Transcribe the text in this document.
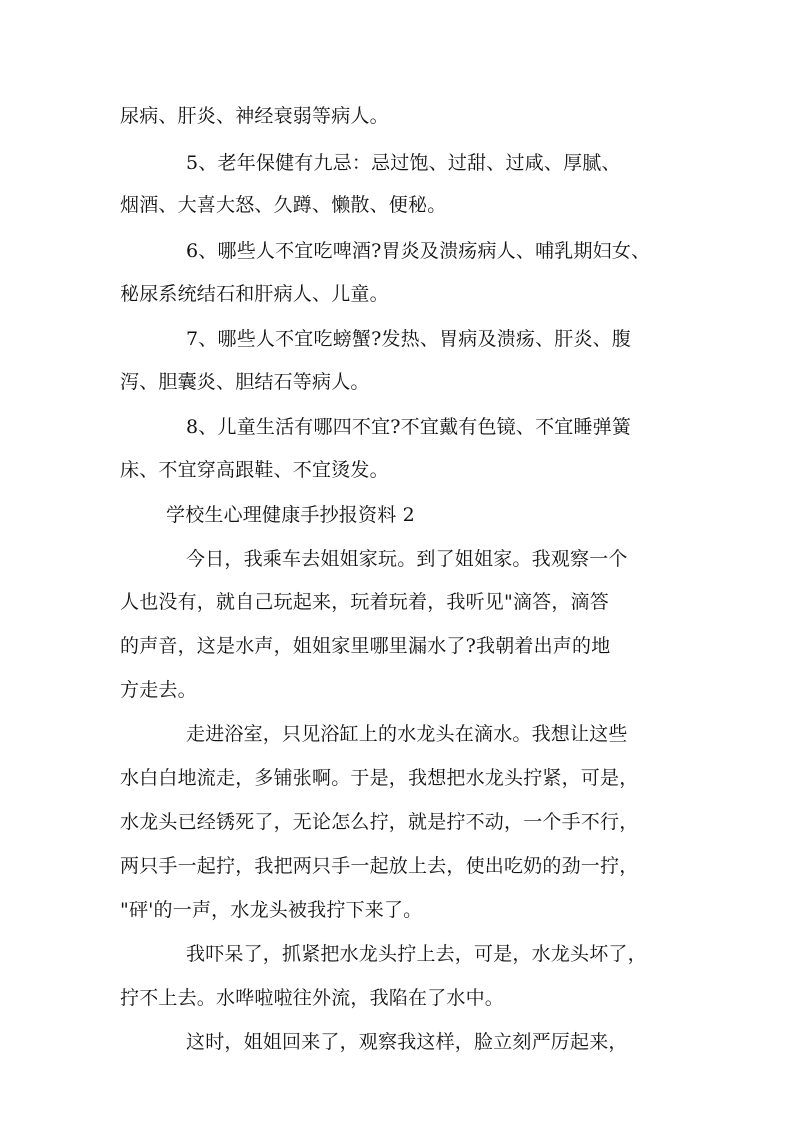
尿病、肝炎、神经衰弱等病人。
5、老年保健有九忌：忌过饱、过甜、过咸、厚腻、
烟酒、大喜大怒、久蹲、懒散、便秘。
6、哪些人不宜吃啤酒?胃炎及溃疡病人、哺乳期妇女、
秘尿系统结石和肝病人、儿童。
7、哪些人不宜吃螃蟹?发热、胃病及溃疡、肝炎、腹
泻、胆囊炎、胆结石等病人。
8、儿童生活有哪四不宜?不宜戴有色镜、不宜睡弹簧
床、不宜穿高跟鞋、不宜烫发。
学校生心理健康手抄报资料 2
今日，我乘车去姐姐家玩。到了姐姐家。我观察一个
人也没有，就自己玩起来，玩着玩着，我听见"滴答，滴答
的声音，这是水声，姐姐家里哪里漏水了?我朝着出声的地
方走去。
走进浴室，只见浴缸上的水龙头在滴水。我想让这些
水白白地流走，多铺张啊。于是，我想把水龙头拧紧，可是，
水龙头已经锈死了，无论怎么拧，就是拧不动，一个手不行，
两只手一起拧，我把两只手一起放上去，使出吃奶的劲一拧，
"砰'的一声，水龙头被我拧下来了。
我吓呆了，抓紧把水龙头拧上去，可是，水龙头坏了，
拧不上去。水哗啦啦往外流，我陷在了水中。
这时，姐姐回来了，观察我这样，脸立刻严厉起来，
